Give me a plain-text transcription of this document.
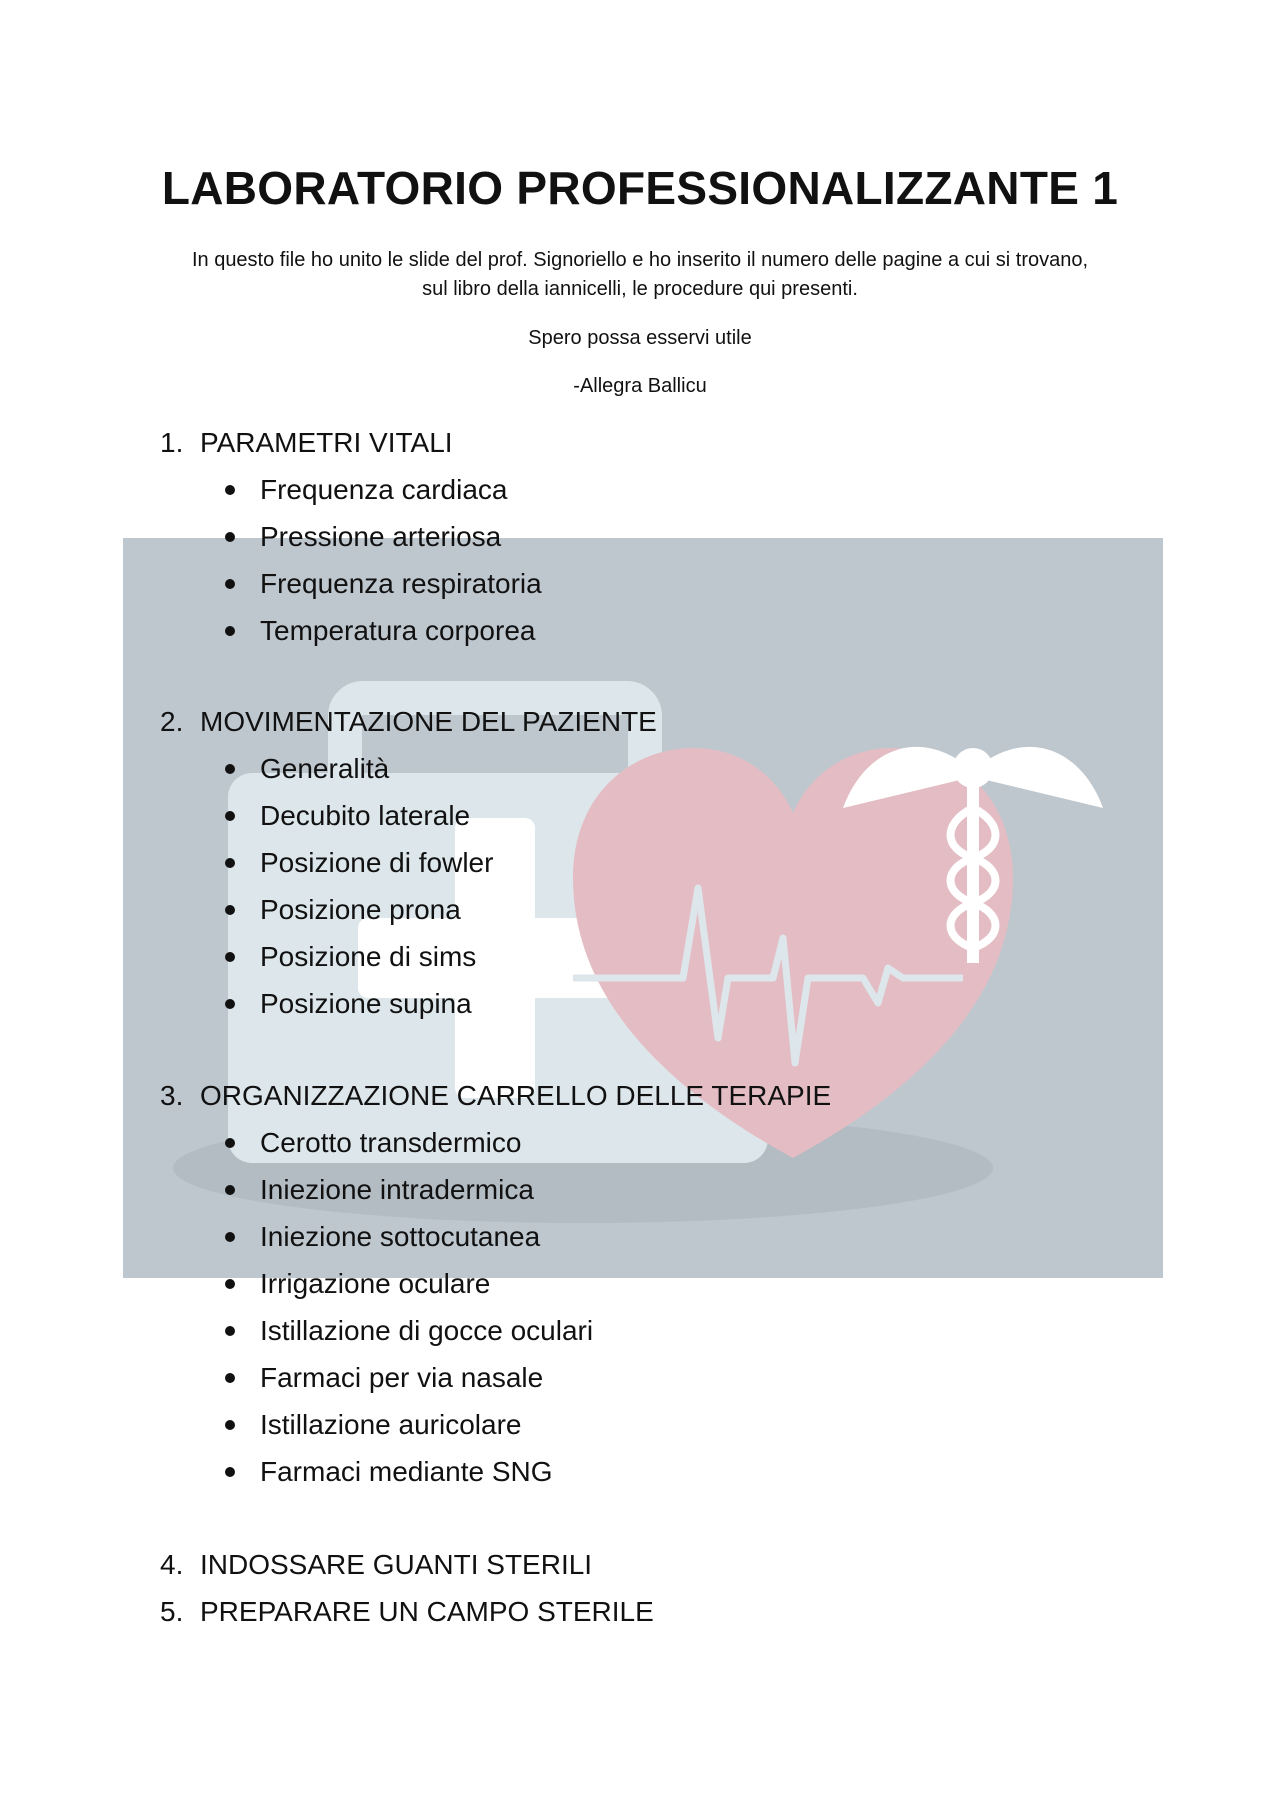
LABORATORIO PROFESSIONALIZZANTE 1

In questo file ho unito le slide del prof. Signoriello e ho inserito il numero delle pagine a cui si trovano,

sul libro della iannicelli, le procedure qui presenti.

Spero possa esservi utile

-Allegra Ballicu

1. PARAMETRI VITALI
Frequenza cardiaca
Pressione arteriosa
Frequenza respiratoria
Temperatura corporea
2. MOVIMENTAZIONE DEL PAZIENTE
Generalità
Decubito laterale
Posizione di fowler
Posizione prona
Posizione di sims
Posizione supina
3. ORGANIZZAZIONE CARRELLO DELLE TERAPIE
Cerotto transdermico
Iniezione intradermica
Iniezione sottocutanea
Irrigazione oculare
Istillazione di gocce oculari
Farmaci per via nasale
Istillazione auricolare
Farmaci mediante SNG
4. INDOSSARE GUANTI STERILI
5. PREPARARE UN CAMPO STERILE
